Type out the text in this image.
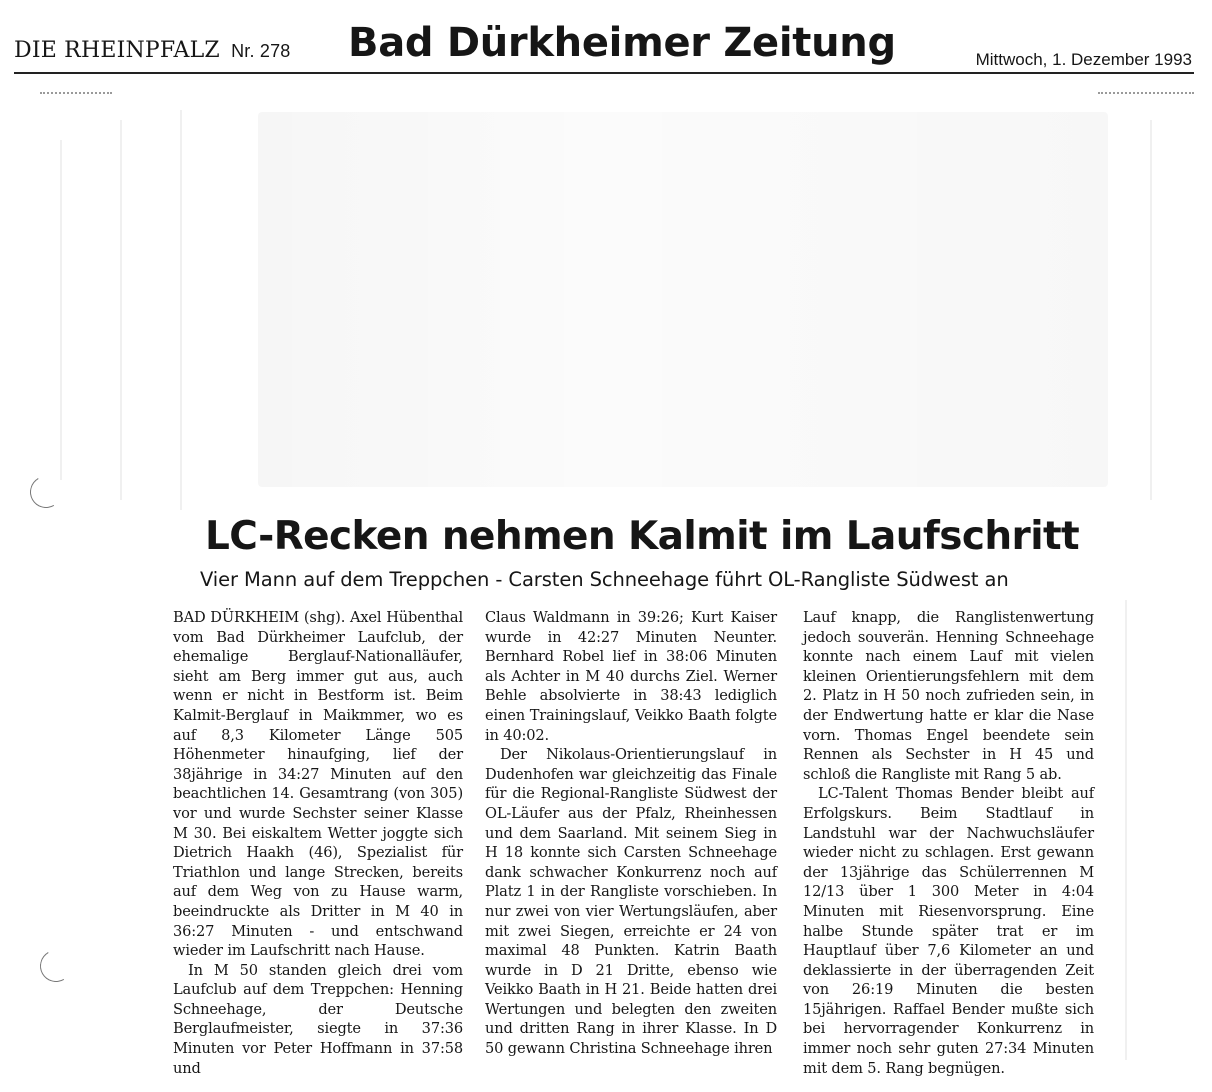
DIE RHEINPFALZ Nr. 278 Bad Dürkheimer Zeitung	Mittwoch, 1. Dezember 1993
LC-Recken nehmen Kalmit im Laufschritt
Vier Mann auf dem Treppchen - Carsten Schneehage führt OL-Rangliste Südwest an

BAD DÜRKHEIM (shg). Axel Hübenthal vom Bad Dürkheimer Laufclub, der ehemalige Berglauf-Nationalläufer, sieht am Berg immer gut aus, auch wenn er nicht in Bestform ist. Beim Kalmit-Berglauf in Maikmmer, wo es auf 8,3 Kilometer Länge 505 Höhenmeter hinaufging, lief der 38jährige in 34:27 Minuten auf den beachtlichen 14. Gesamtrang (von 305) vor und wurde Sechster seiner Klasse M 30. Bei eiskaltem Wetter joggte sich Dietrich Haakh (46), Spezialist für Triathlon und lange Strecken, bereits auf dem Weg von zu Hause warm, beeindruckte als Dritter in M 40 in 36:27 Minuten - und entschwand wieder im Laufschritt nach Hause.

In M 50 standen gleich drei vom Laufclub auf dem Treppchen: Henning Schneehage, der Deutsche Berglaufmeister, siegte in 37:36 Minuten vor Peter Hoffmann in 37:58 und

Claus Waldmann in 39:26; Kurt Kaiser wurde in 42:27 Minuten Neunter. Bernhard Robel lief in 38:06 Minuten als Achter in M 40 durchs Ziel. Werner Behle absolvierte in 38:43 lediglich einen Trainingslauf, Veikko Baath folgte in 40:02.

Der Nikolaus-Orientierungslauf in Dudenhofen war gleichzeitig das Finale für die Regional-Rangliste Südwest der OL-Läufer aus der Pfalz, Rheinhessen und dem Saarland. Mit seinem Sieg in H 18 konnte sich Carsten Schneehage dank schwacher Konkurrenz noch auf Platz 1 in der Rangliste vorschieben. In nur zwei von vier Wertungsläufen, aber mit zwei Siegen, erreichte er 24 von maximal 48 Punkten. Katrin Baath wurde in D 21 Dritte, ebenso wie Veikko Baath in H 21. Beide hatten drei Wertungen und belegten den zweiten und dritten Rang in ihrer Klasse. In D 50 gewann Christina Schneehage ihren

Lauf knapp, die Ranglistenwertung jedoch souverän. Henning Schneehage konnte nach einem Lauf mit vielen kleinen Orientierungsfehlern mit dem 2. Platz in H 50 noch zufrieden sein, in der Endwertung hatte er klar die Nase vorn. Thomas Engel beendete sein Rennen als Sechster in H 45 und schloß die Rangliste mit Rang 5 ab.

LC-Talent Thomas Bender bleibt auf Erfolgskurs. Beim Stadtlauf in Landstuhl war der Nachwuchsläufer wieder nicht zu schlagen. Erst gewann der 13jährige das Schülerrennen M 12/13 über 1 300 Meter in 4:04 Minuten mit Riesenvorsprung. Eine halbe Stunde später trat er im Hauptlauf über 7,6 Kilometer an und deklassierte in der überragenden Zeit von 26:19 Minuten die besten 15jährigen. Raffael Bender mußte sich bei hervorragender Konkurrenz in immer noch sehr guten 27:34 Minuten mit dem 5. Rang begnügen.
